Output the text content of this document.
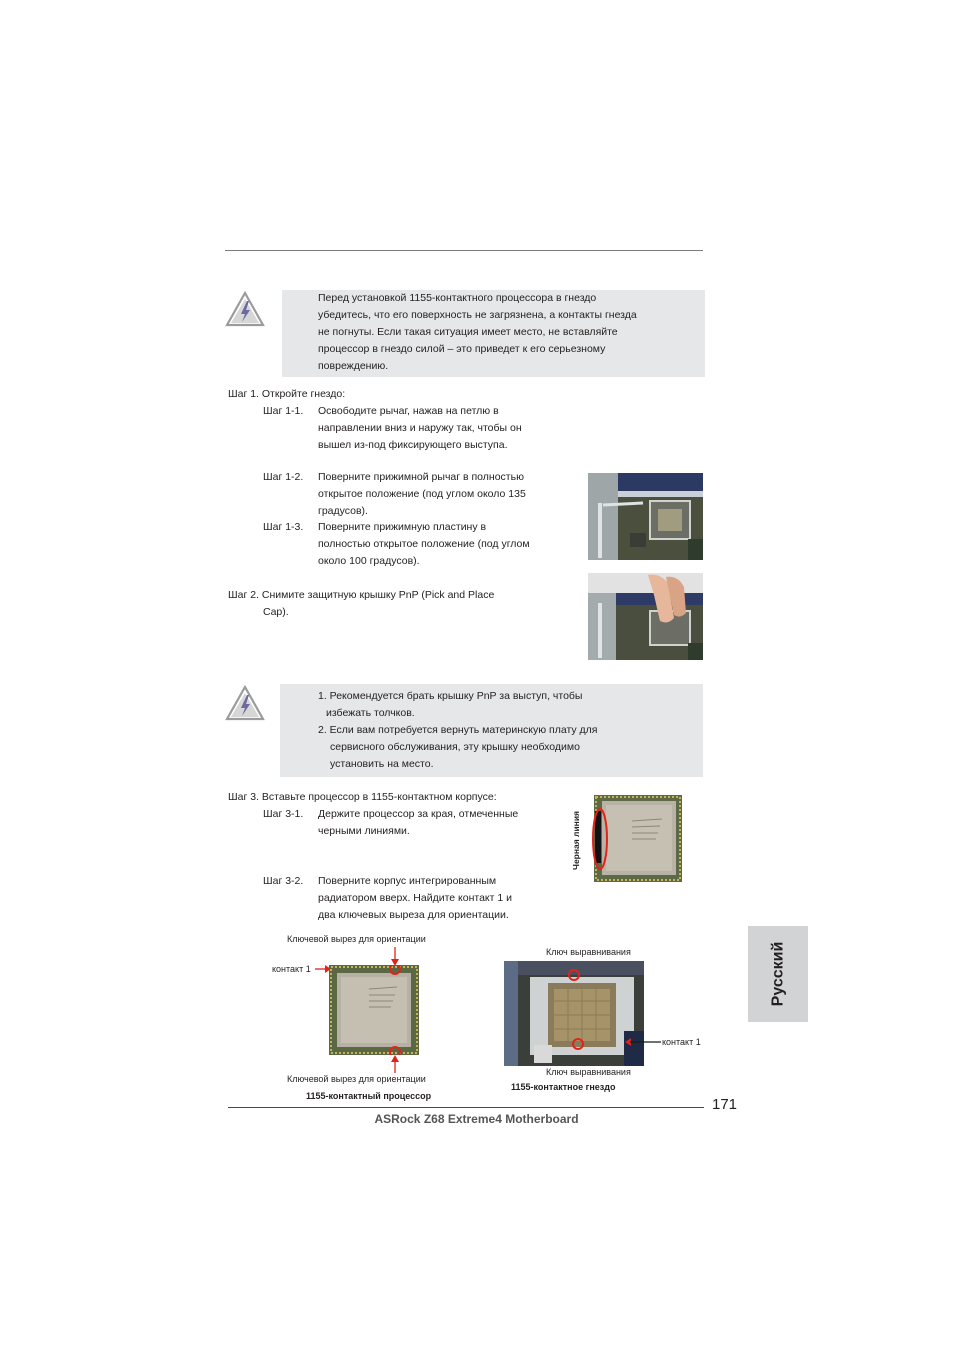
Перед установкой 1155-контактного процессора в гнездо
убедитесь, что его поверхность не загрязнена, а контакты гнезда
не погнуты. Если такая ситуация имеет место, не вставляйте
процессор в гнездо силой – это приведет к его серьезному
повреждению.
Шаг 1. Откройте гнездо:
Шаг 1-1. Освободите рычаг, нажав на петлю в
направлении вниз и наружу так, чтобы он
вышел из-под фиксирующего выступа.
Шаг 1-2. Поверните прижимной рычаг в полностью
открытое положение (под углом около 135
градусов).
Шаг 1-3. Поверните прижимную пластину в
полностью открытое положение (под углом
около 100 градусов).
Шаг 2. Снимите защитную крышку PnP (Pick and Place
Cap).
1. Рекомендуется брать крышку PnP за выступ, чтобы
избежать толчков.
2. Если вам потребуется вернуть материнскую плату для
сервисного обслуживания, эту крышку необходимо
установить на место.
Шаг 3. Вставьте процессор в 1155-контактном корпусе:
Шаг 3-1. Держите процессор за края, отмеченные
черными линиями.
Шаг 3-2. Поверните корпус интегрированным
радиатором вверх. Найдите контакт 1 и
два ключевых выреза для ориентации.
Черная линия
Ключевой вырез для ориентации
контакт 1
Ключевой вырез для ориентации
1155-контактный процессор
Ключ выравнивания
контакт 1
Ключ выравнивания
1155-контактное гнездо
Русский
171
ASRock Z68 Extreme4 Motherboard
